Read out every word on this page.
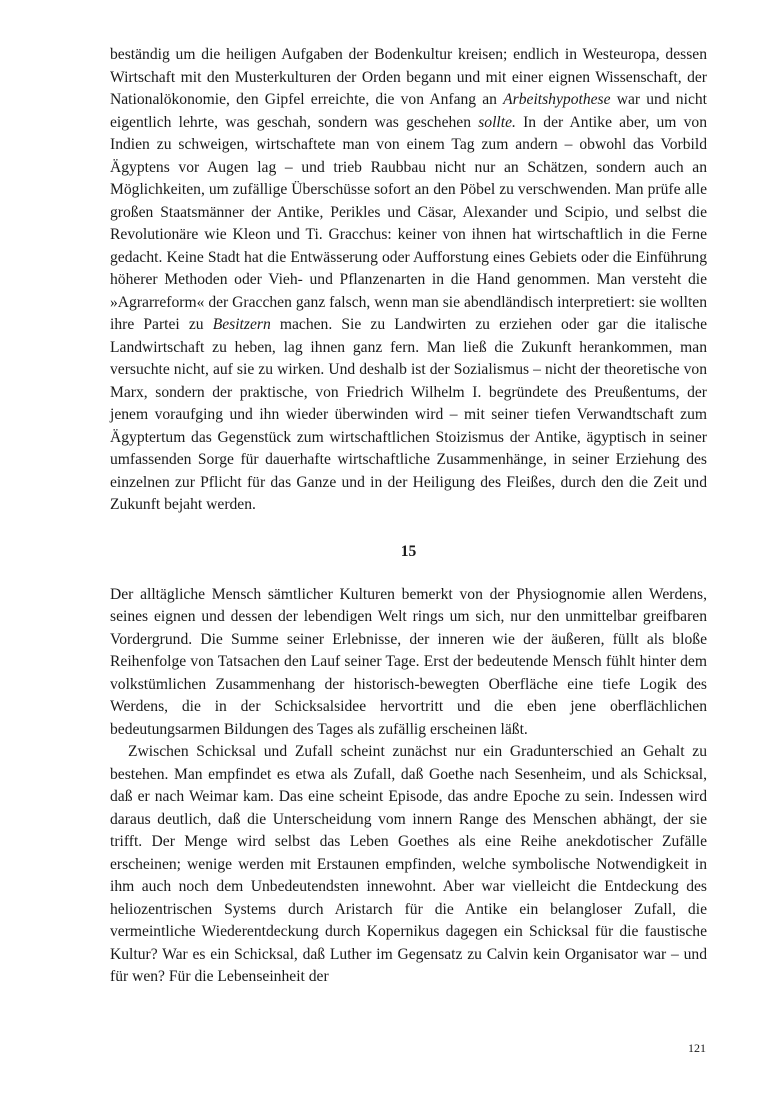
beständig um die heiligen Aufgaben der Bodenkultur kreisen; endlich in Westeuropa, dessen Wirtschaft mit den Musterkulturen der Orden begann und mit einer eignen Wissenschaft, der Nationalökonomie, den Gipfel erreichte, die von Anfang an Arbeitshypothese war und nicht eigentlich lehrte, was geschah, sondern was geschehen sollte. In der Antike aber, um von Indien zu schweigen, wirtschaftete man von einem Tag zum andern – obwohl das Vorbild Ägyptens vor Augen lag – und trieb Raubbau nicht nur an Schätzen, sondern auch an Möglichkeiten, um zufällige Überschüsse sofort an den Pöbel zu verschwenden. Man prüfe alle großen Staatsmänner der Antike, Perikles und Cäsar, Alexander und Scipio, und selbst die Revolutionäre wie Kleon und Ti. Gracchus: keiner von ihnen hat wirtschaftlich in die Ferne gedacht. Keine Stadt hat die Entwässerung oder Aufforstung eines Gebiets oder die Einführung höherer Methoden oder Vieh- und Pflanzenarten in die Hand genommen. Man versteht die »Agrarreform« der Gracchen ganz falsch, wenn man sie abendländisch interpretiert: sie wollten ihre Partei zu Besitzern machen. Sie zu Landwirten zu erziehen oder gar die italische Landwirtschaft zu heben, lag ihnen ganz fern. Man ließ die Zukunft herankommen, man versuchte nicht, auf sie zu wirken. Und deshalb ist der Sozialismus – nicht der theoretische von Marx, sondern der praktische, von Friedrich Wilhelm I. begründete des Preußentums, der jenem voraufging und ihn wieder überwinden wird – mit seiner tiefen Verwandtschaft zum Ägyptertum das Gegenstück zum wirtschaftlichen Stoizismus der Antike, ägyptisch in seiner umfassenden Sorge für dauerhafte wirtschaftliche Zusammenhänge, in seiner Erziehung des einzelnen zur Pflicht für das Ganze und in der Heiligung des Fleißes, durch den die Zeit und Zukunft bejaht werden.

15

Der alltägliche Mensch sämtlicher Kulturen bemerkt von der Physiognomie allen Werdens, seines eignen und dessen der lebendigen Welt rings um sich, nur den unmittelbar greifbaren Vordergrund. Die Summe seiner Erlebnisse, der inneren wie der äußeren, füllt als bloße Reihenfolge von Tatsachen den Lauf seiner Tage. Erst der bedeutende Mensch fühlt hinter dem volkstümlichen Zusammenhang der historisch-bewegten Oberfläche eine tiefe Logik des Werdens, die in der Schicksalsidee hervortritt und die eben jene oberflächlichen bedeutungsarmen Bildungen des Tages als zufällig erscheinen läßt.

Zwischen Schicksal und Zufall scheint zunächst nur ein Gradunterschied an Gehalt zu bestehen. Man empfindet es etwa als Zufall, daß Goethe nach Sesenheim, und als Schicksal, daß er nach Weimar kam. Das eine scheint Episode, das andre Epoche zu sein. Indessen wird daraus deutlich, daß die Unterscheidung vom innern Range des Menschen abhängt, der sie trifft. Der Menge wird selbst das Leben Goethes als eine Reihe anekdotischer Zufälle erscheinen; wenige werden mit Erstaunen empfinden, welche symbolische Notwendigkeit in ihm auch noch dem Unbedeutendsten innewohnt. Aber war vielleicht die Entdeckung des heliozentrischen Systems durch Aristarch für die Antike ein belangloser Zufall, die vermeintliche Wiederentdeckung durch Kopernikus dagegen ein Schicksal für die faustische Kultur? War es ein Schicksal, daß Luther im Gegensatz zu Calvin kein Organisator war – und für wen? Für die Lebenseinheit der

121
